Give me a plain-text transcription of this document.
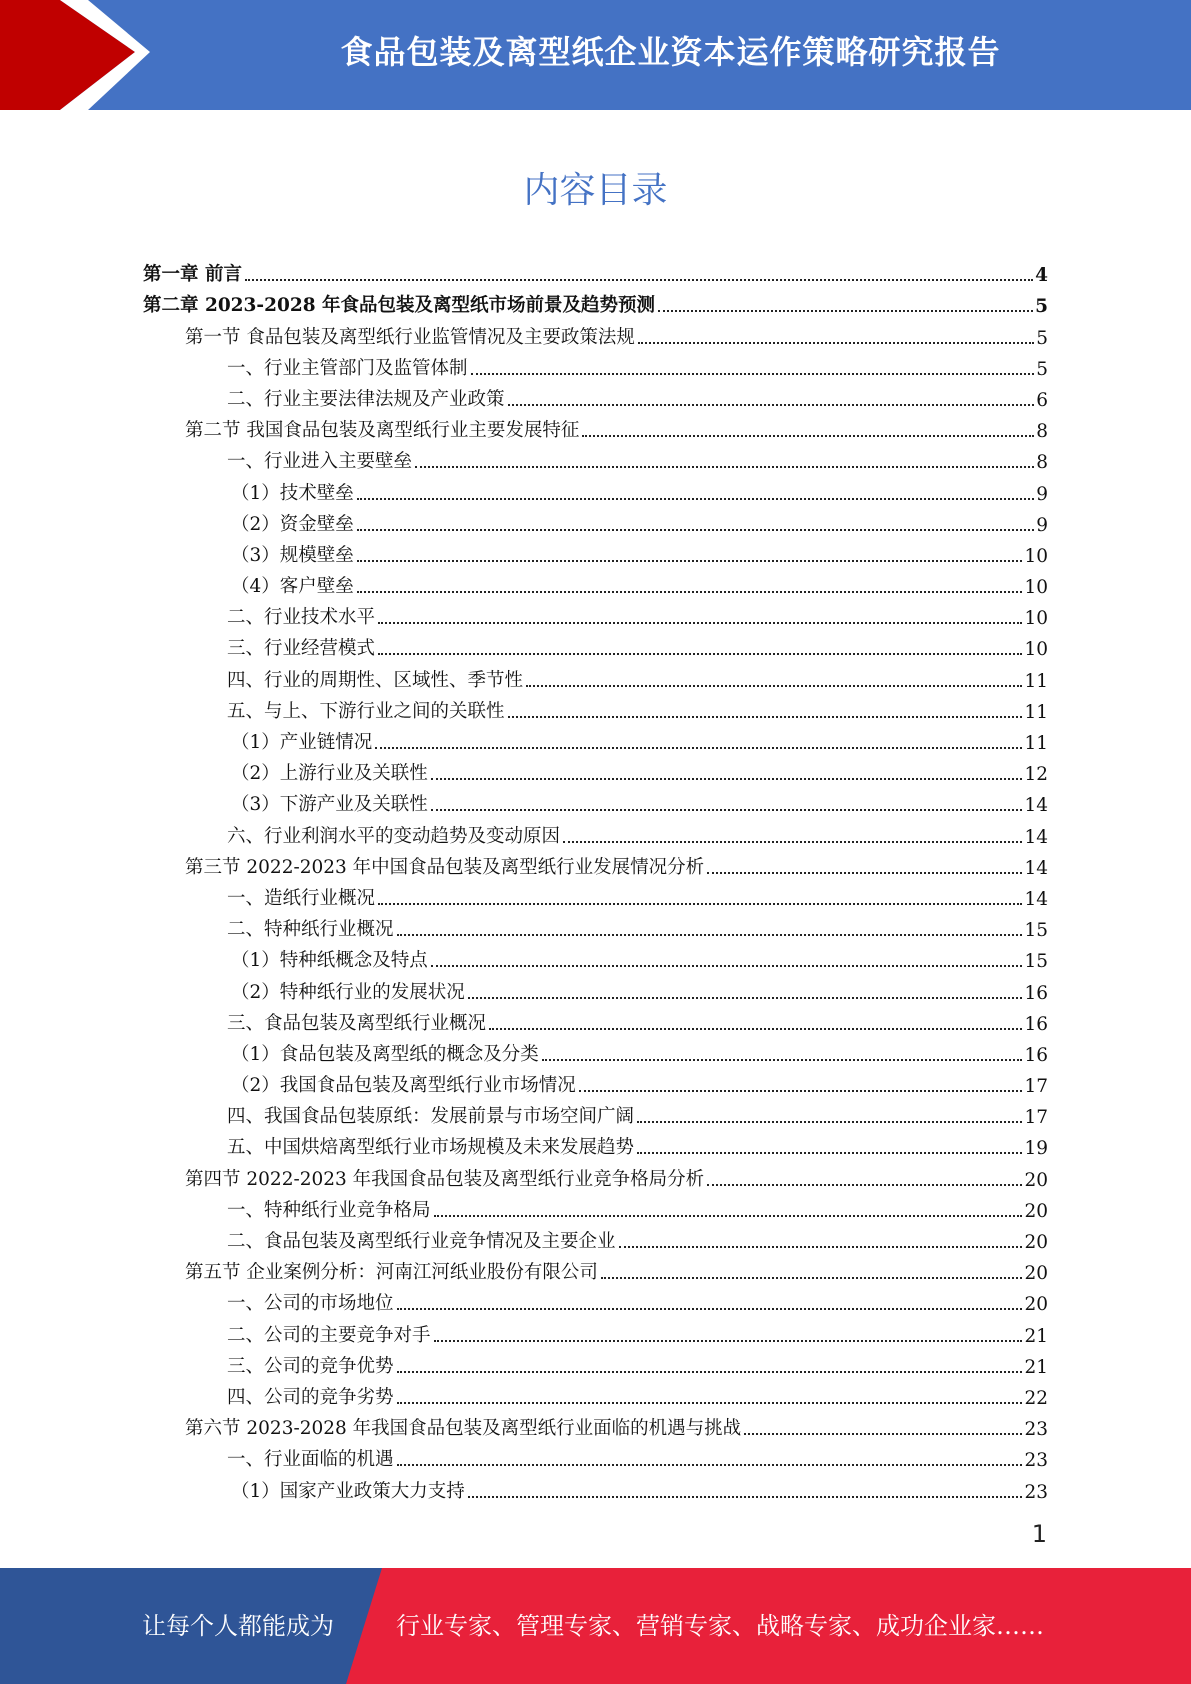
食品包装及离型纸企业资本运作策略研究报告
内容目录
第一章 前言	4
第二章 2023-2028 年食品包装及离型纸市场前景及趋势预测	5
第一节 食品包装及离型纸行业监管情况及主要政策法规	5
一、行业主管部门及监管体制	5
二、行业主要法律法规及产业政策	6
第二节 我国食品包装及离型纸行业主要发展特征	8
一、行业进入主要壁垒	8
（1）技术壁垒	9
（2）资金壁垒	9
（3）规模壁垒	10
（4）客户壁垒	10
二、行业技术水平	10
三、行业经营模式	10
四、行业的周期性、区域性、季节性	11
五、与上、下游行业之间的关联性	11
（1）产业链情况	11
（2）上游行业及关联性	12
（3）下游产业及关联性	14
六、行业利润水平的变动趋势及变动原因	14
第三节 2022-2023 年中国食品包装及离型纸行业发展情况分析	14
一、造纸行业概况	14
二、特种纸行业概况	15
（1）特种纸概念及特点	15
（2）特种纸行业的发展状况	16
三、食品包装及离型纸行业概况	16
（1）食品包装及离型纸的概念及分类	16
（2）我国食品包装及离型纸行业市场情况	17
四、我国食品包装原纸：发展前景与市场空间广阔	17
五、中国烘焙离型纸行业市场规模及未来发展趋势	19
第四节 2022-2023 年我国食品包装及离型纸行业竞争格局分析	20
一、特种纸行业竞争格局	20
二、食品包装及离型纸行业竞争情况及主要企业	20
第五节 企业案例分析：河南江河纸业股份有限公司	20
一、公司的市场地位	20
二、公司的主要竞争对手	21
三、公司的竞争优势	21
四、公司的竞争劣势	22
第六节 2023-2028 年我国食品包装及离型纸行业面临的机遇与挑战	23
一、行业面临的机遇	23
（1）国家产业政策大力支持	23
1
让每个人都能成为	行业专家、管理专家、营销专家、战略专家、成功企业家……
